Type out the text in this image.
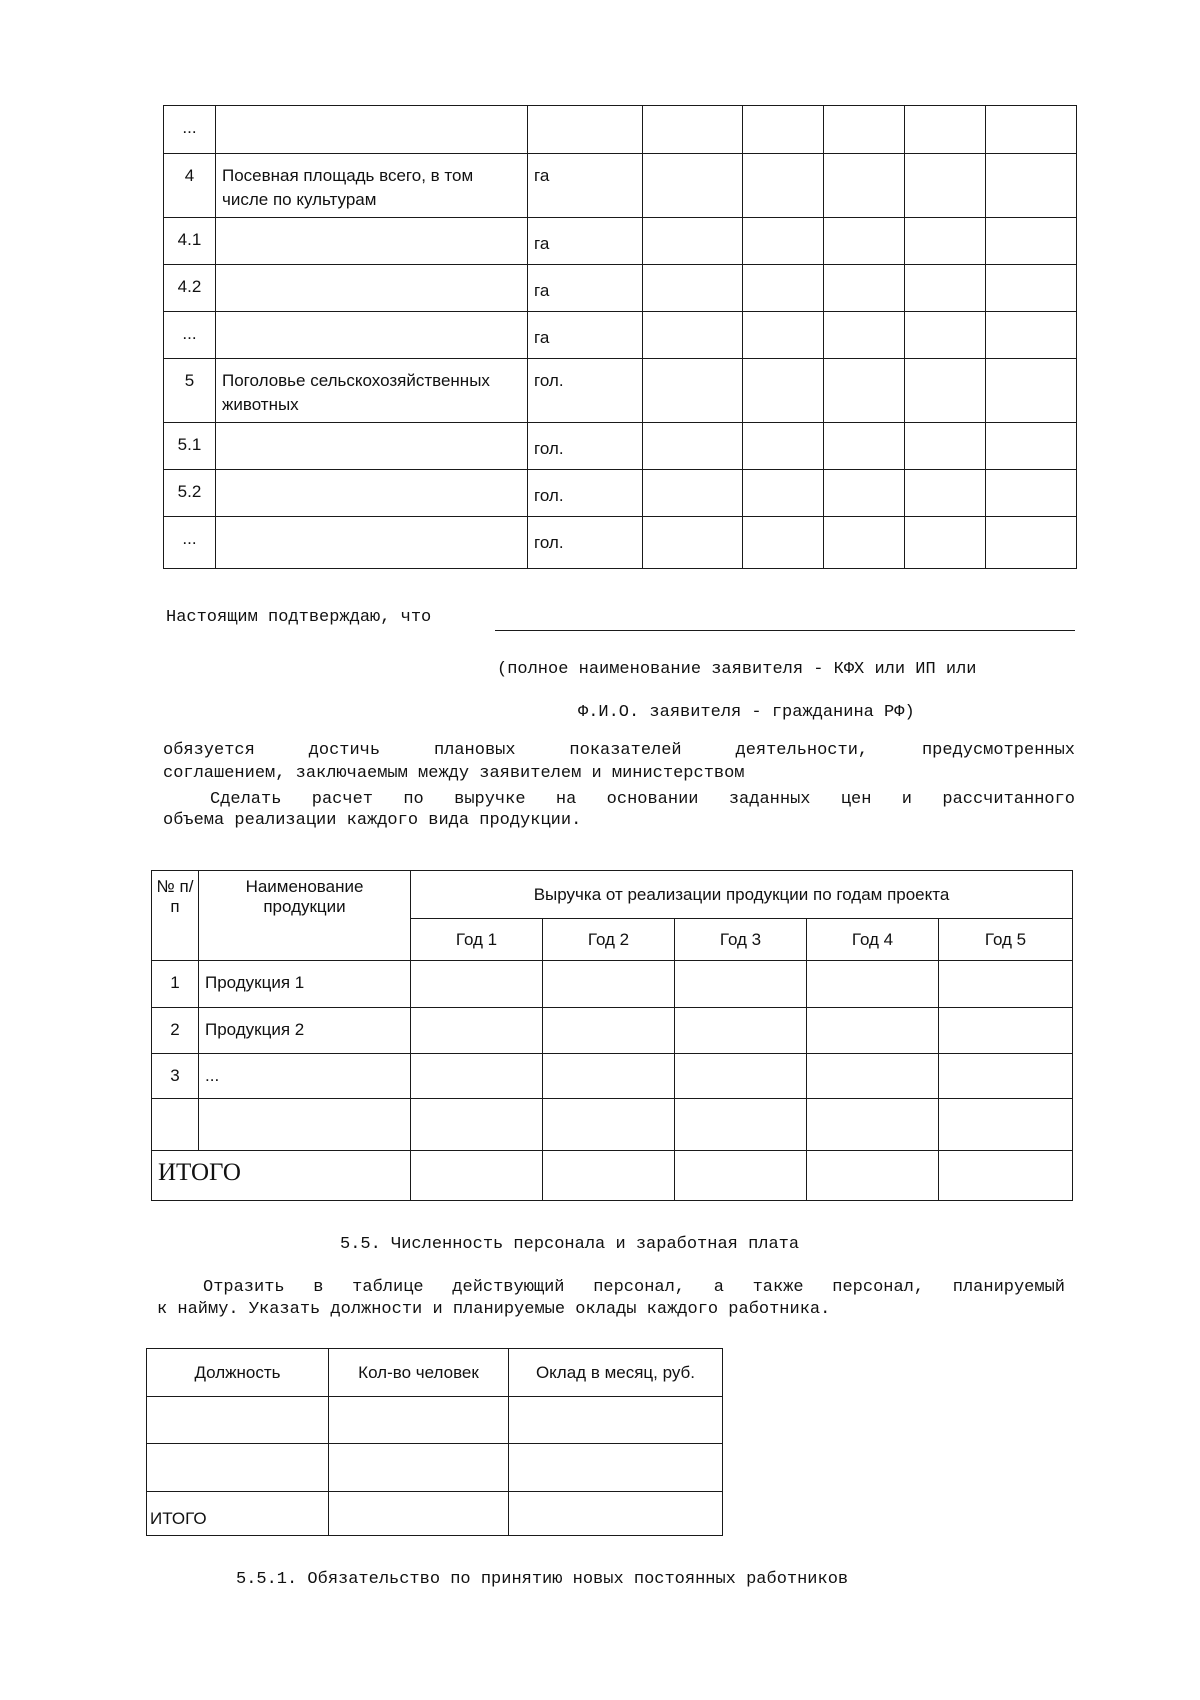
...							
4	Посевная площадь всего, в том числе по культурам	га					
4.1		га					
4.2		га					
...		га					
5	Поголовье сельскохозяйственных животных	гол.					
5.1		гол.					
5.2		гол.					
...		гол.					
Настоящим подтверждаю, что
(полное наименование заявителя - КФХ или ИП или
Ф.И.О. заявителя - гражданина РФ)
обязуется достичь плановых показателей деятельности, предусмотренных
соглашением, заключаемым между заявителем и министерством
Сделать расчет по выручке на основании заданных цен и рассчитанного
объема реализации каждого вида продукции.
№ п/п	Наименование продукции	Выручка от реализации продукции по годам проекта				
		Год 1	Год 2	Год 3	Год 4	Год 5
1	Продукция 1					
2	Продукция 2					
3	...					

ИТОГО						
5.5. Численность персонала и заработная плата
Отразить в таблице действующий персонал, а также персонал, планируемый
к найму. Указать должности и планируемые оклады каждого работника.
Должность	Кол-во человек	Оклад в месяц, руб.

ИТОГО		
5.5.1. Обязательство по принятию новых постоянных работников
